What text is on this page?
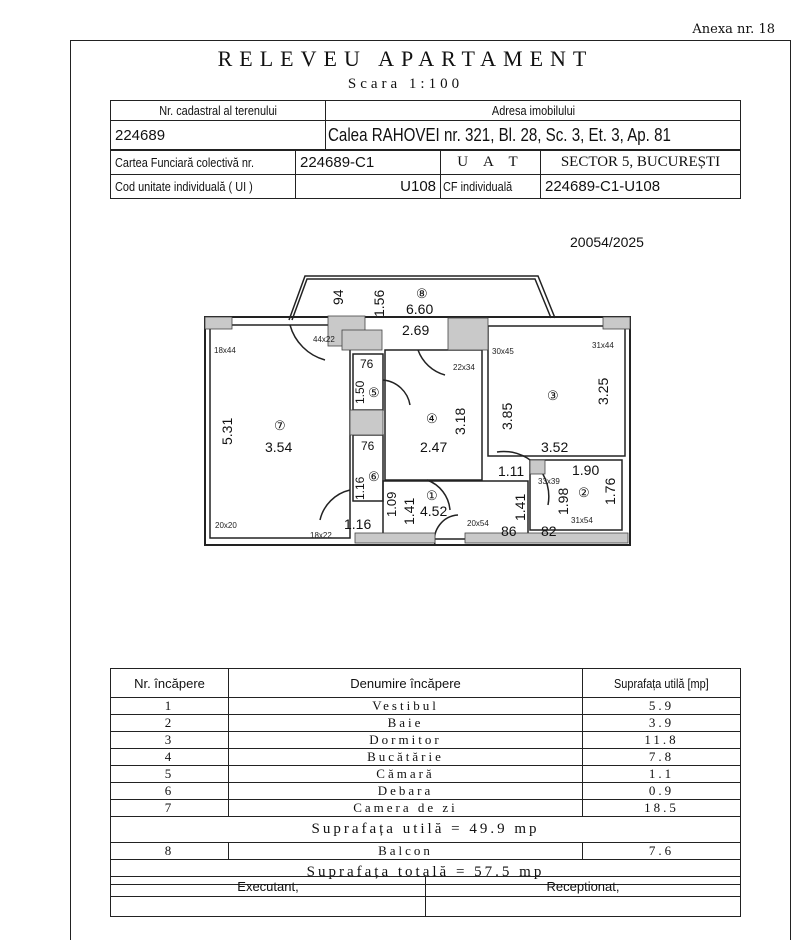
Anexa nr. 18
RELEVEU APARTAMENT
Scara 1:100
Nr. cadastral al terenului	Adresa imobilului
224689	Calea RAHOVEI nr. 321, Bl. 28, Sc. 3, Et. 3, Ap. 81
Cartea Funciară colectivă nr.	224689-C1	U A T	SECTOR 5, BUCUREȘTI
Cod unitate individuală ( UI )	U108	CF individuală	224689-C1-U108
20054/2025
①	②
③
④
⑤
⑥
⑦
⑧
94 1.56 6.60
2.69
76
1.50
3.18 3.85
3.25
5.31
3.54	76	2.47	3.52
1.16
1.11	1.90
1.09 1.41 4.52	1.41 1.98 1.76
1.16	86 82
44x22
18x44	30x45
22x34
31x44
33x39
20x20
18x22
20x54	31x54
Nr. încăpere	Denumire încăpere	Suprafața utilă [mp]
1	Vestibul	5.9
2	Baie	3.9
3	Dormitor	11.8
4	Bucătărie	7.8
5	Cămară	1.1
6	Debara	0.9
7	Camera de zi	18.5
Suprafața utilă = 49.9 mp		
8	Balcon	7.6
Suprafața totală = 57.5 mp		
Executant,	Receptionat,
